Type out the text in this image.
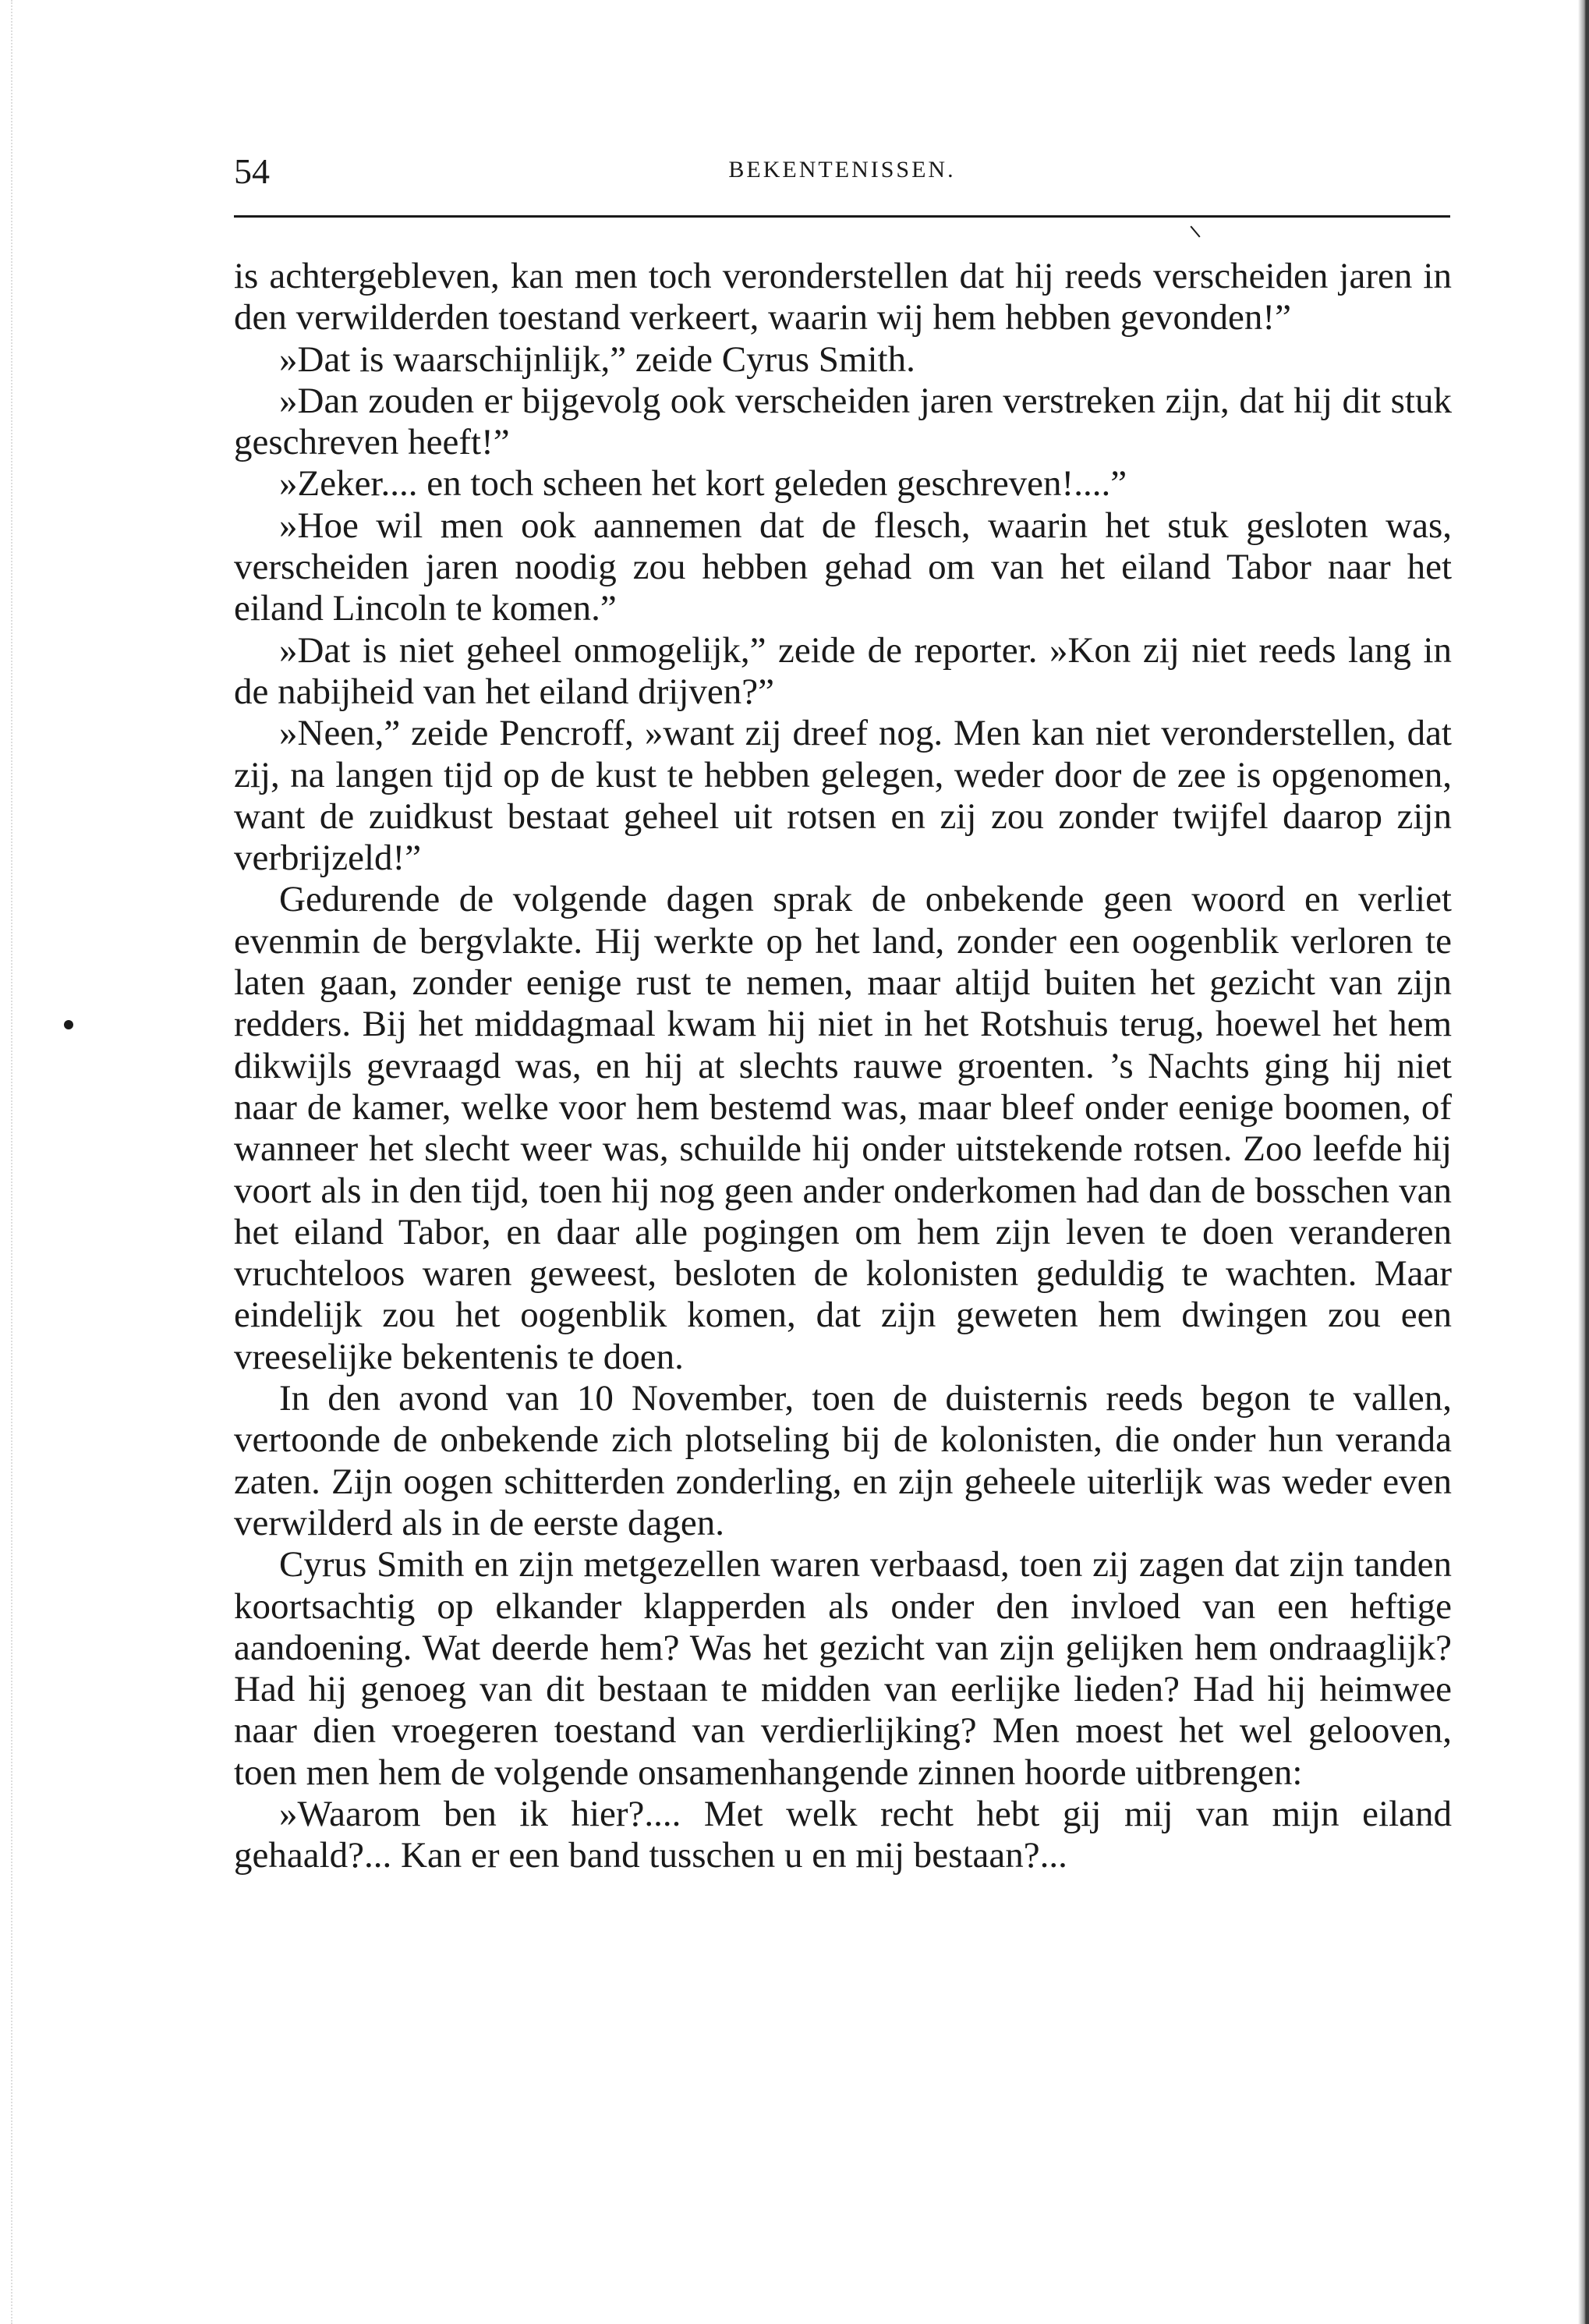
54	BEKENTENISSEN.

is achtergebleven, kan men toch veronderstellen dat hij reeds verscheiden jaren in den verwilderden toestand verkeert, waarin wij hem hebben gevonden!”

»Dat is waarschijnlijk,” zeide Cyrus Smith.

»Dan zouden er bijgevolg ook verscheiden jaren verstreken zijn, dat hij dit stuk geschreven heeft!”

»Zeker.... en toch scheen het kort geleden geschreven!....”

»Hoe wil men ook aannemen dat de flesch, waarin het stuk gesloten was, verscheiden jaren noodig zou hebben gehad om van het eiland Tabor naar het eiland Lincoln te komen.”

»Dat is niet geheel onmogelijk,” zeide de reporter. »Kon zij niet reeds lang in de nabijheid van het eiland drijven?”

»Neen,” zeide Pencroff, »want zij dreef nog. Men kan niet veronderstellen, dat zij, na langen tijd op de kust te hebben gelegen, weder door de zee is opgenomen, want de zuidkust bestaat geheel uit rotsen en zij zou zonder twijfel daarop zijn verbrijzeld!”

Gedurende de volgende dagen sprak de onbekende geen woord en verliet evenmin de bergvlakte. Hij werkte op het land, zonder een oogenblik verloren te laten gaan, zonder eenige rust te nemen, maar altijd buiten het gezicht van zijn redders. Bij het middagmaal kwam hij niet in het Rotshuis terug, hoewel het hem dikwijls gevraagd was, en hij at slechts rauwe groenten. ’s Nachts ging hij niet naar de kamer, welke voor hem bestemd was, maar bleef onder eenige boomen, of wanneer het slecht weer was, schuilde hij onder uitstekende rotsen. Zoo leefde hij voort als in den tijd, toen hij nog geen ander onderkomen had dan de bosschen van het eiland Tabor, en daar alle pogingen om hem zijn leven te doen veranderen vruchteloos waren geweest, besloten de kolonisten geduldig te wachten. Maar eindelijk zou het oogenblik komen, dat zijn geweten hem dwingen zou een vreeselijke bekentenis te doen.

In den avond van 10 November, toen de duisternis reeds begon te vallen, vertoonde de onbekende zich plotseling bij de kolonisten, die onder hun veranda zaten. Zijn oogen schitterden zonderling, en zijn geheele uiterlijk was weder even verwilderd als in de eerste dagen.

Cyrus Smith en zijn metgezellen waren verbaasd, toen zij zagen dat zijn tanden koortsachtig op elkander klapperden als onder den invloed van een heftige aandoening. Wat deerde hem? Was het gezicht van zijn gelijken hem ondraaglijk? Had hij genoeg van dit bestaan te midden van eerlijke lieden? Had hij heimwee naar dien vroegeren toestand van verdierlijking? Men moest het wel gelooven, toen men hem de volgende onsamenhangende zinnen hoorde uitbrengen:

»Waarom ben ik hier?.... Met welk recht hebt gij mij van mijn eiland gehaald?... Kan er een band tusschen u en mij bestaan?...
